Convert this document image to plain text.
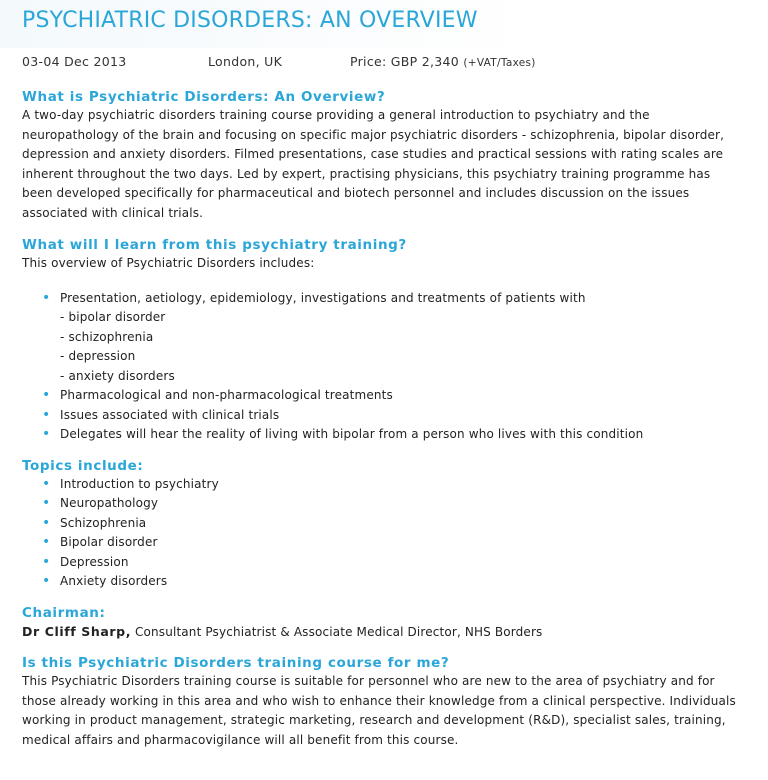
PSYCHIATRIC DISORDERS: AN OVERVIEW
03-04 Dec 2013	London, UK	Price: GBP 2,340 (+VAT/Taxes)
What is Psychiatric Disorders: An Overview?
A two-day psychiatric disorders training course providing a general introduction to psychiatry and the
neuropathology of the brain and focusing on specific major psychiatric disorders - schizophrenia, bipolar disorder,
depression and anxiety disorders. Filmed presentations, case studies and practical sessions with rating scales are
inherent throughout the two days. Led by expert, practising physicians, this psychiatry training programme has
been developed specifically for pharmaceutical and biotech personnel and includes discussion on the issues
associated with clinical trials.
What will I learn from this psychiatry training?
This overview of Psychiatric Disorders includes:
• Presentation, aetiology, epidemiology, investigations and treatments of patients with
- bipolar disorder
- schizophrenia
- depression
- anxiety disorders
• Pharmacological and non-pharmacological treatments
• Issues associated with clinical trials
• Delegates will hear the reality of living with bipolar from a person who lives with this condition
Topics include:
• Introduction to psychiatry
• Neuropathology
• Schizophrenia
• Bipolar disorder
• Depression
• Anxiety disorders
Chairman:
Dr Cliff Sharp, Consultant Psychiatrist & Associate Medical Director, NHS Borders
Is this Psychiatric Disorders training course for me?
This Psychiatric Disorders training course is suitable for personnel who are new to the area of psychiatry and for
those already working in this area and who wish to enhance their knowledge from a clinical perspective. Individuals
working in product management, strategic marketing, research and development (R&D), specialist sales, training,
medical affairs and pharmacovigilance will all benefit from this course.
